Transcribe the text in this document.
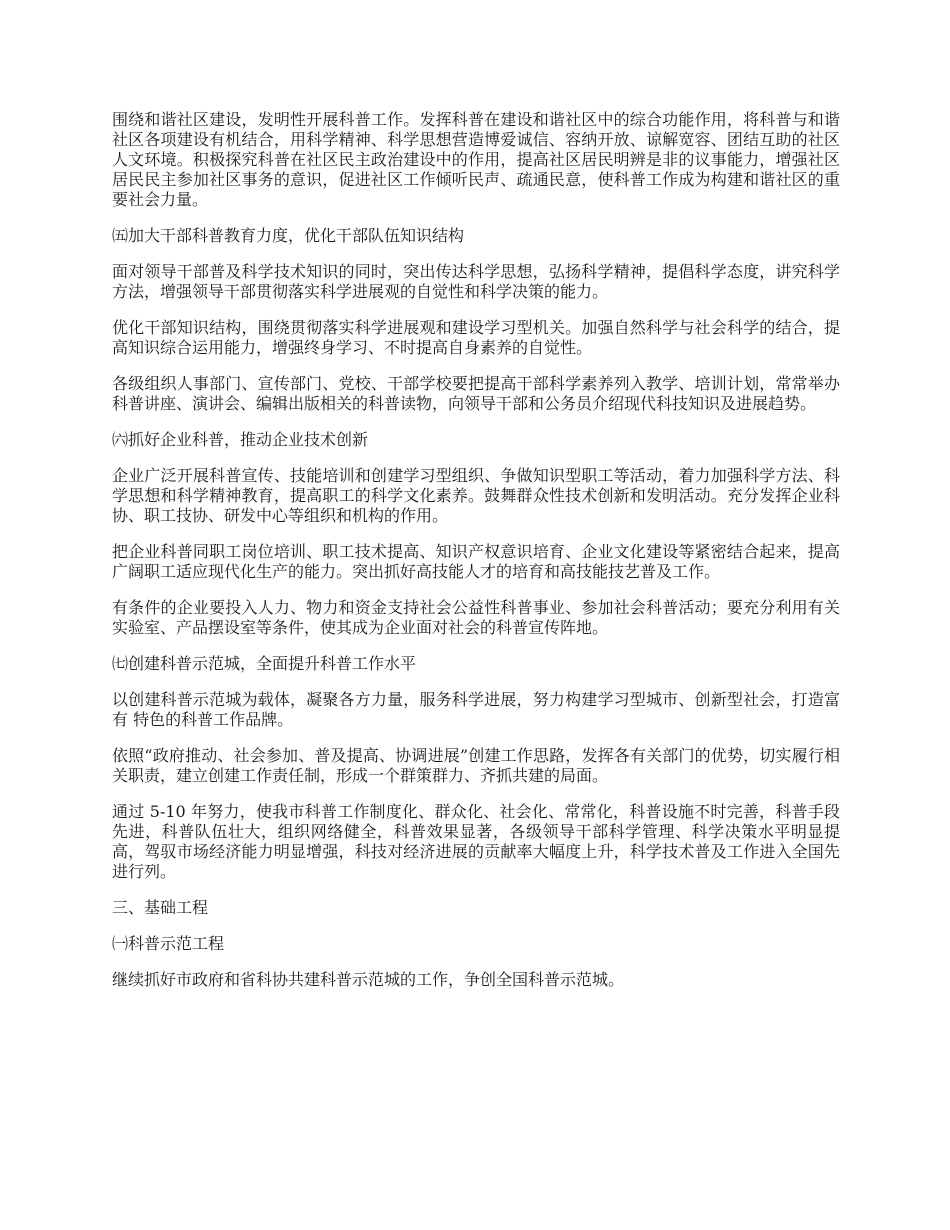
围绕和谐社区建设，发明性开展科普工作。发挥科普在建设和谐社区中的综合功能作用，将科普与和谐社区各项建设有机结合，用科学精神、科学思想营造博爱诚信、容纳开放、谅解宽容、团结互助的社区人文环境。积极探究科普在社区民主政治建设中的作用，提高社区居民明辨是非的议事能力，增强社区居民民主参加社区事务的意识，促进社区工作倾听民声、疏通民意，使科普工作成为构建和谐社区的重要社会力量。

㈤加大干部科普教育力度，优化干部队伍知识结构

面对领导干部普及科学技术知识的同时，突出传达科学思想，弘扬科学精神，提倡科学态度，讲究科学方法，增强领导干部贯彻落实科学进展观的自觉性和科学决策的能力。

优化干部知识结构，围绕贯彻落实科学进展观和建设学习型机关。加强自然科学与社会科学的结合，提高知识综合运用能力，增强终身学习、不时提高自身素养的自觉性。

各级组织人事部门、宣传部门、党校、干部学校要把提高干部科学素养列入教学、培训计划，常常举办科普讲座、演讲会、编辑出版相关的科普读物，向领导干部和公务员介绍现代科技知识及进展趋势。

㈥抓好企业科普，推动企业技术创新

企业广泛开展科普宣传、技能培训和创建学习型组织、争做知识型职工等活动，着力加强科学方法、科学思想和科学精神教育，提高职工的科学文化素养。鼓舞群众性技术创新和发明活动。充分发挥企业科协、职工技协、研发中心等组织和机构的作用。

把企业科普同职工岗位培训、职工技术提高、知识产权意识培育、企业文化建设等紧密结合起来，提高广阔职工适应现代化生产的能力。突出抓好高技能人才的培育和高技能技艺普及工作。

有条件的企业要投入人力、物力和资金支持社会公益性科普事业、参加社会科普活动；要充分利用有关实验室、产品摆设室等条件，使其成为企业面对社会的科普宣传阵地。

㈦创建科普示范城，全面提升科普工作水平

以创建科普示范城为载体，凝聚各方力量，服务科学进展，努力构建学习型城市、创新型社会，打造富有 特色的科普工作品牌。

依照“政府推动、社会参加、普及提高、协调进展”创建工作思路，发挥各有关部门的优势，切实履行相关职责，建立创建工作责任制，形成一个群策群力、齐抓共建的局面。

通过 5-10 年努力，使我市科普工作制度化、群众化、社会化、常常化，科普设施不时完善，科普手段先进，科普队伍壮大，组织网络健全，科普效果显著，各级领导干部科学管理、科学决策水平明显提高，驾驭市场经济能力明显增强，科技对经济进展的贡献率大幅度上升，科学技术普及工作进入全国先进行列。

三、基础工程

㈠科普示范工程

继续抓好市政府和省科协共建科普示范城的工作，争创全国科普示范城。
